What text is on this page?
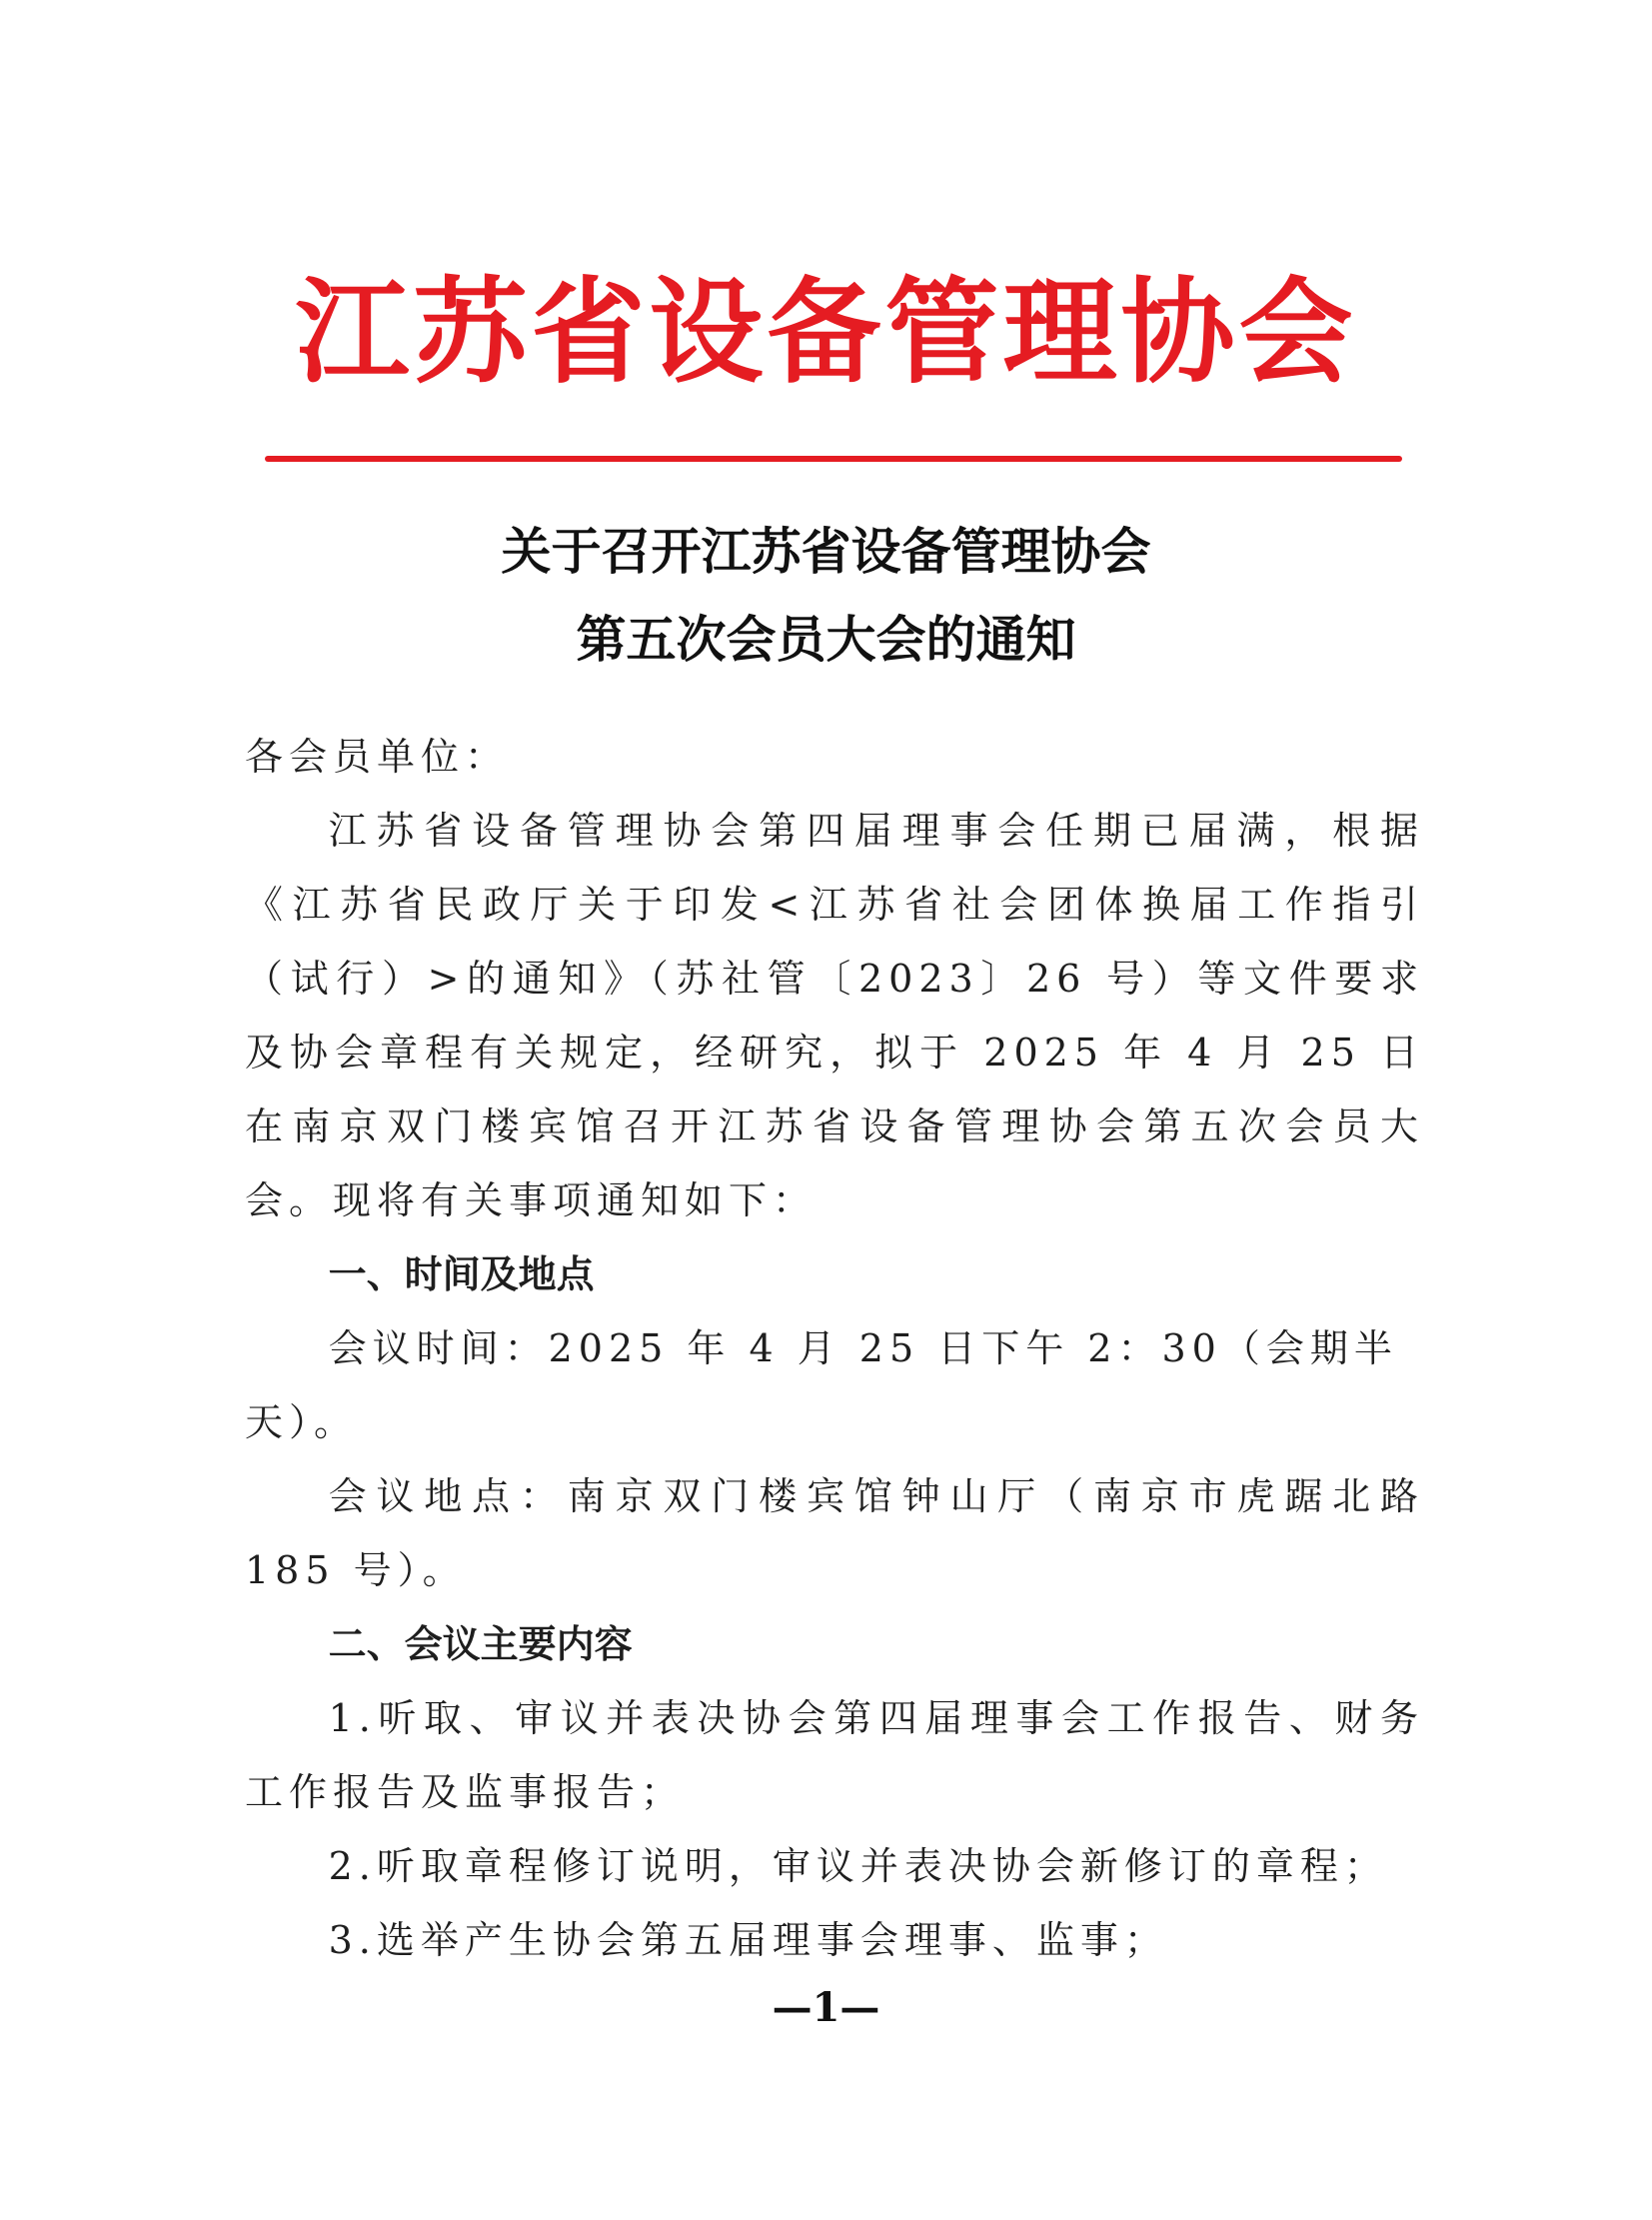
江苏省设备管理协会
关于召开江苏省设备管理协会
第五次会员大会的通知

各会员单位：

江苏省设备管理协会第四届理事会任期已届满，根据《江苏省民政厅关于印发<江苏省社会团体换届工作指引（试行）>的通知》（苏社管〔2023〕26 号）等文件要求及协会章程有关规定，经研究，拟于 2025 年 4 月 25 日在南京双门楼宾馆召开江苏省设备管理协会第五次会员大会。现将有关事项通知如下：

一、时间及地点

会议时间：2025 年 4 月 25 日下午 2：30（会期半天）。

会议地点：南京双门楼宾馆钟山厅（南京市虎踞北路 185 号）。

二、会议主要内容

1.听取、审议并表决协会第四届理事会工作报告、财务工作报告及监事报告；

2.听取章程修订说明，审议并表决协会新修订的章程；

3.选举产生协会第五届理事会理事、监事；

—1—
